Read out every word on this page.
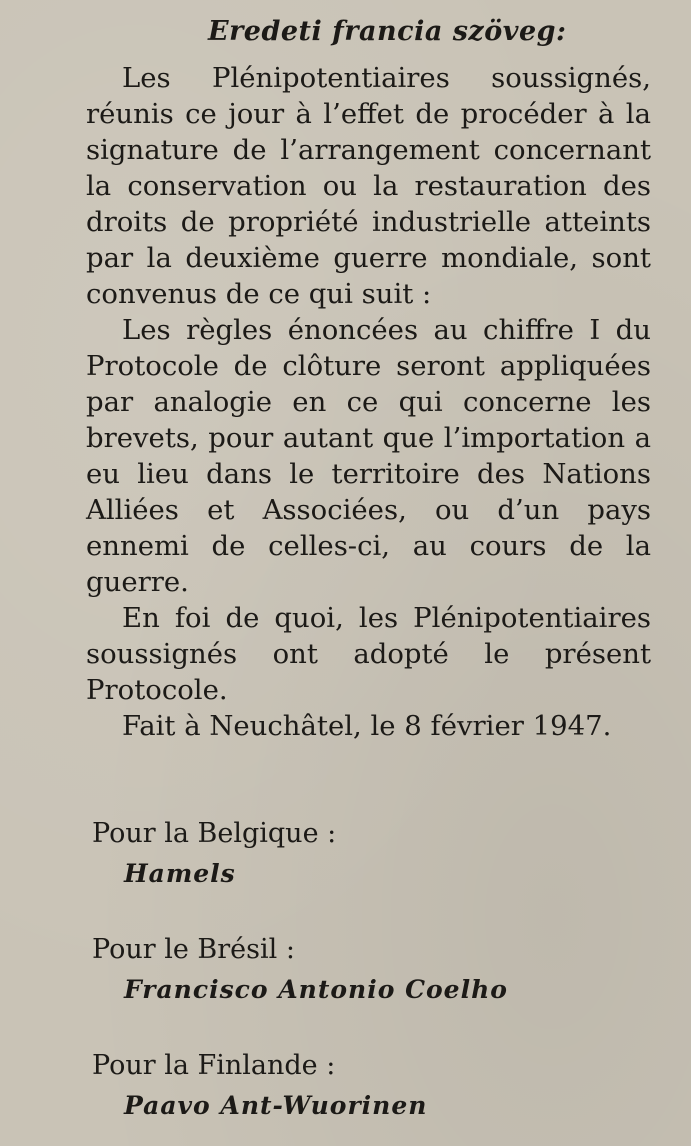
Eredeti francia szöveg:

Les Plénipotentiaires soussignés, réunis ce jour à l’effet de procéder à la signature de l’arrangement concernant la conservation ou la restauration des droits de propriété industrielle atteints par la deuxième guerre mondiale, sont convenus de ce qui suit :

Les règles énoncées au chiffre I du Protocole de clôture seront appliquées par analogie en ce qui concerne les brevets, pour autant que l’importation a eu lieu dans le territoire des Nations Alliées et Associées, ou d’un pays ennemi de celles-ci, au cours de la guerre.

En foi de quoi, les Plénipotentiaires soussignés ont adopté le présent Protocole.

Fait à Neuchâtel, le 8 février 1947.

Pour la Belgique :

Hamels

Pour le Brésil :

Francisco Antonio Coelho

Pour la Finlande :

Paavo Ant-Wuorinen
